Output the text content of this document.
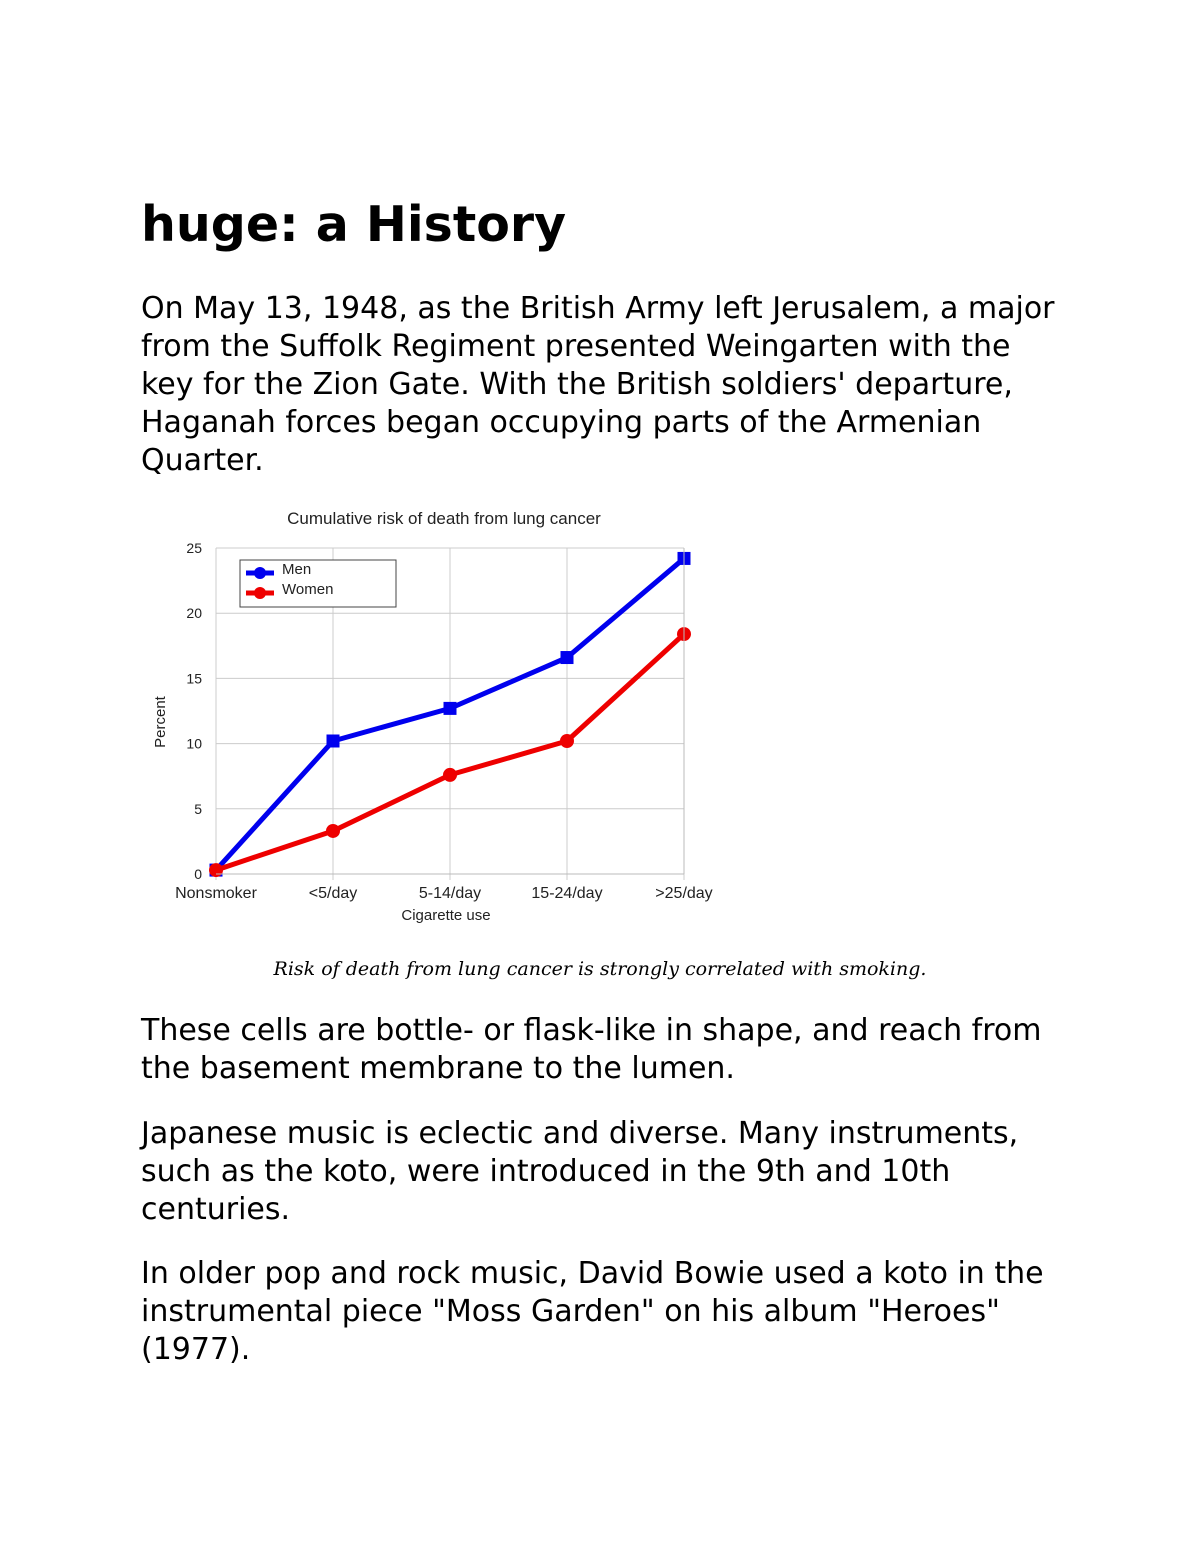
huge: a History

On May 13, 1948, as the British Army left Jerusalem, a major from the Suffolk Regiment presented Weingarten with the key for the Zion Gate. With the British soldiers' departure, Haganah forces began occupying parts of the Armenian Quarter.

0
5
10
15
20
25
Nonsmoker	<5/day	5-14/day	15-24/day	>25/day
Cumulative risk of death from lung cancer
Cigarette use
Percent
Men
Women
Risk of death from lung cancer is strongly correlated with smoking.

These cells are bottle- or flask-like in shape, and reach from the basement membrane to the lumen.

Japanese music is eclectic and diverse. Many instruments, such as the koto, were introduced in the 9th and 10th centuries.

In older pop and rock music, David Bowie used a koto in the instrumental piece "Moss Garden" on his album "Heroes" (1977).
